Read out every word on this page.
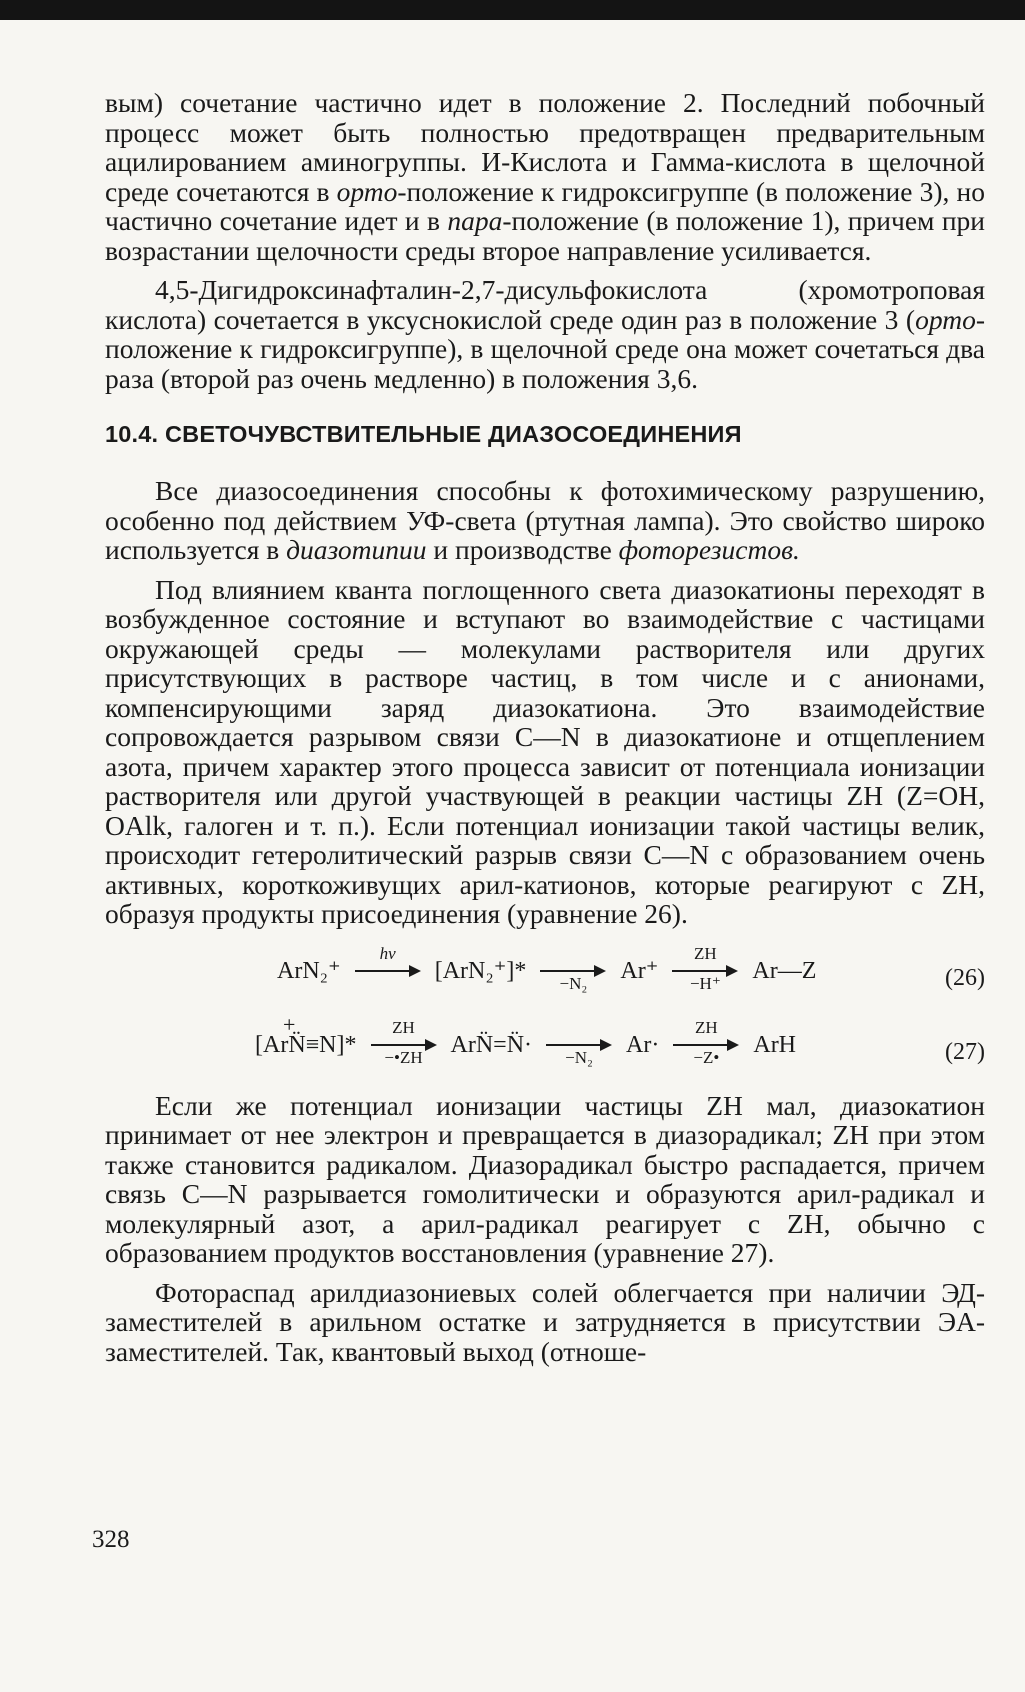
вым) сочетание частично идет в положение 2. Последний побочный процесс может быть полностью предотвращен предварительным ацилированием аминогруппы. И-Кислота и Гамма-кислота в щелочной среде сочетаются в орто-положение к гидроксигруппе (в положение 3), но частично сочетание идет и в пара-положение (в положение 1), причем при возрастании щелочности среды второе направление усиливается.

4,5-Дигидроксинафталин-2,7-дисульфокислота (хромотроповая кислота) сочетается в уксуснокислой среде один раз в положение 3 (орто-положение к гидроксигруппе), в щелочной среде она может сочетаться два раза (второй раз очень медленно) в положения 3,6.

10.4. СВЕТОЧУВСТВИТЕЛЬНЫЕ ДИАЗОСОЕДИНЕНИЯ

Все диазосоединения способны к фотохимическому разрушению, особенно под действием УФ-света (ртутная лампа). Это свойство широко используется в диазотипии и производстве фоторезистов.

Под влиянием кванта поглощенного света диазокатионы переходят в возбужденное состояние и вступают во взаимодействие с частицами окружающей среды — молекулами растворителя или других присутствующих в растворе частиц, в том числе и с анионами, компенсирующими заряд диазокатиона. Это взаимодействие сопровождается разрывом связи C—N в диазокатионе и отщеплением азота, причем характер этого процесса зависит от потенциала ионизации растворителя или другой участвующей в реакции частицы ZH (Z=OH, OAlk, галоген и т. п.). Если потенциал ионизации такой частицы велик, происходит гетеролитический разрыв связи C—N с образованием очень активных, короткоживущих арил-катионов, которые реагируют с ZH, образуя продукты присоединения (уравнение 26).

ArN₂⁺
hν
[ArN₂⁺]*	−N₂	$Ar^+ \frac{ZH}{-H^+}$ Ar—Z	(26)
+
[ArN̈≡N]* $\frac{ZH}{-•ZH}$ ArN̈=N̈·	−N₂	$Ar\cdot \frac{ZH}{-Z•}$ ArH	(27)

Если же потенциал ионизации частицы ZH мал, диазокатион принимает от нее электрон и превращается в диазорадикал; ZH при этом также становится радикалом. Диазорадикал быстро распадается, причем связь C—N разрывается гомолитически и образуются арил-радикал и молекулярный азот, а арил-радикал реагирует с ZH, обычно с образованием продуктов восстановления (уравнение 27).

Фотораспад арилдиазониевых солей облегчается при наличии ЭД-заместителей в арильном остатке и затрудняется в присутствии ЭА-заместителей. Так, квантовый выход (отноше-

328
